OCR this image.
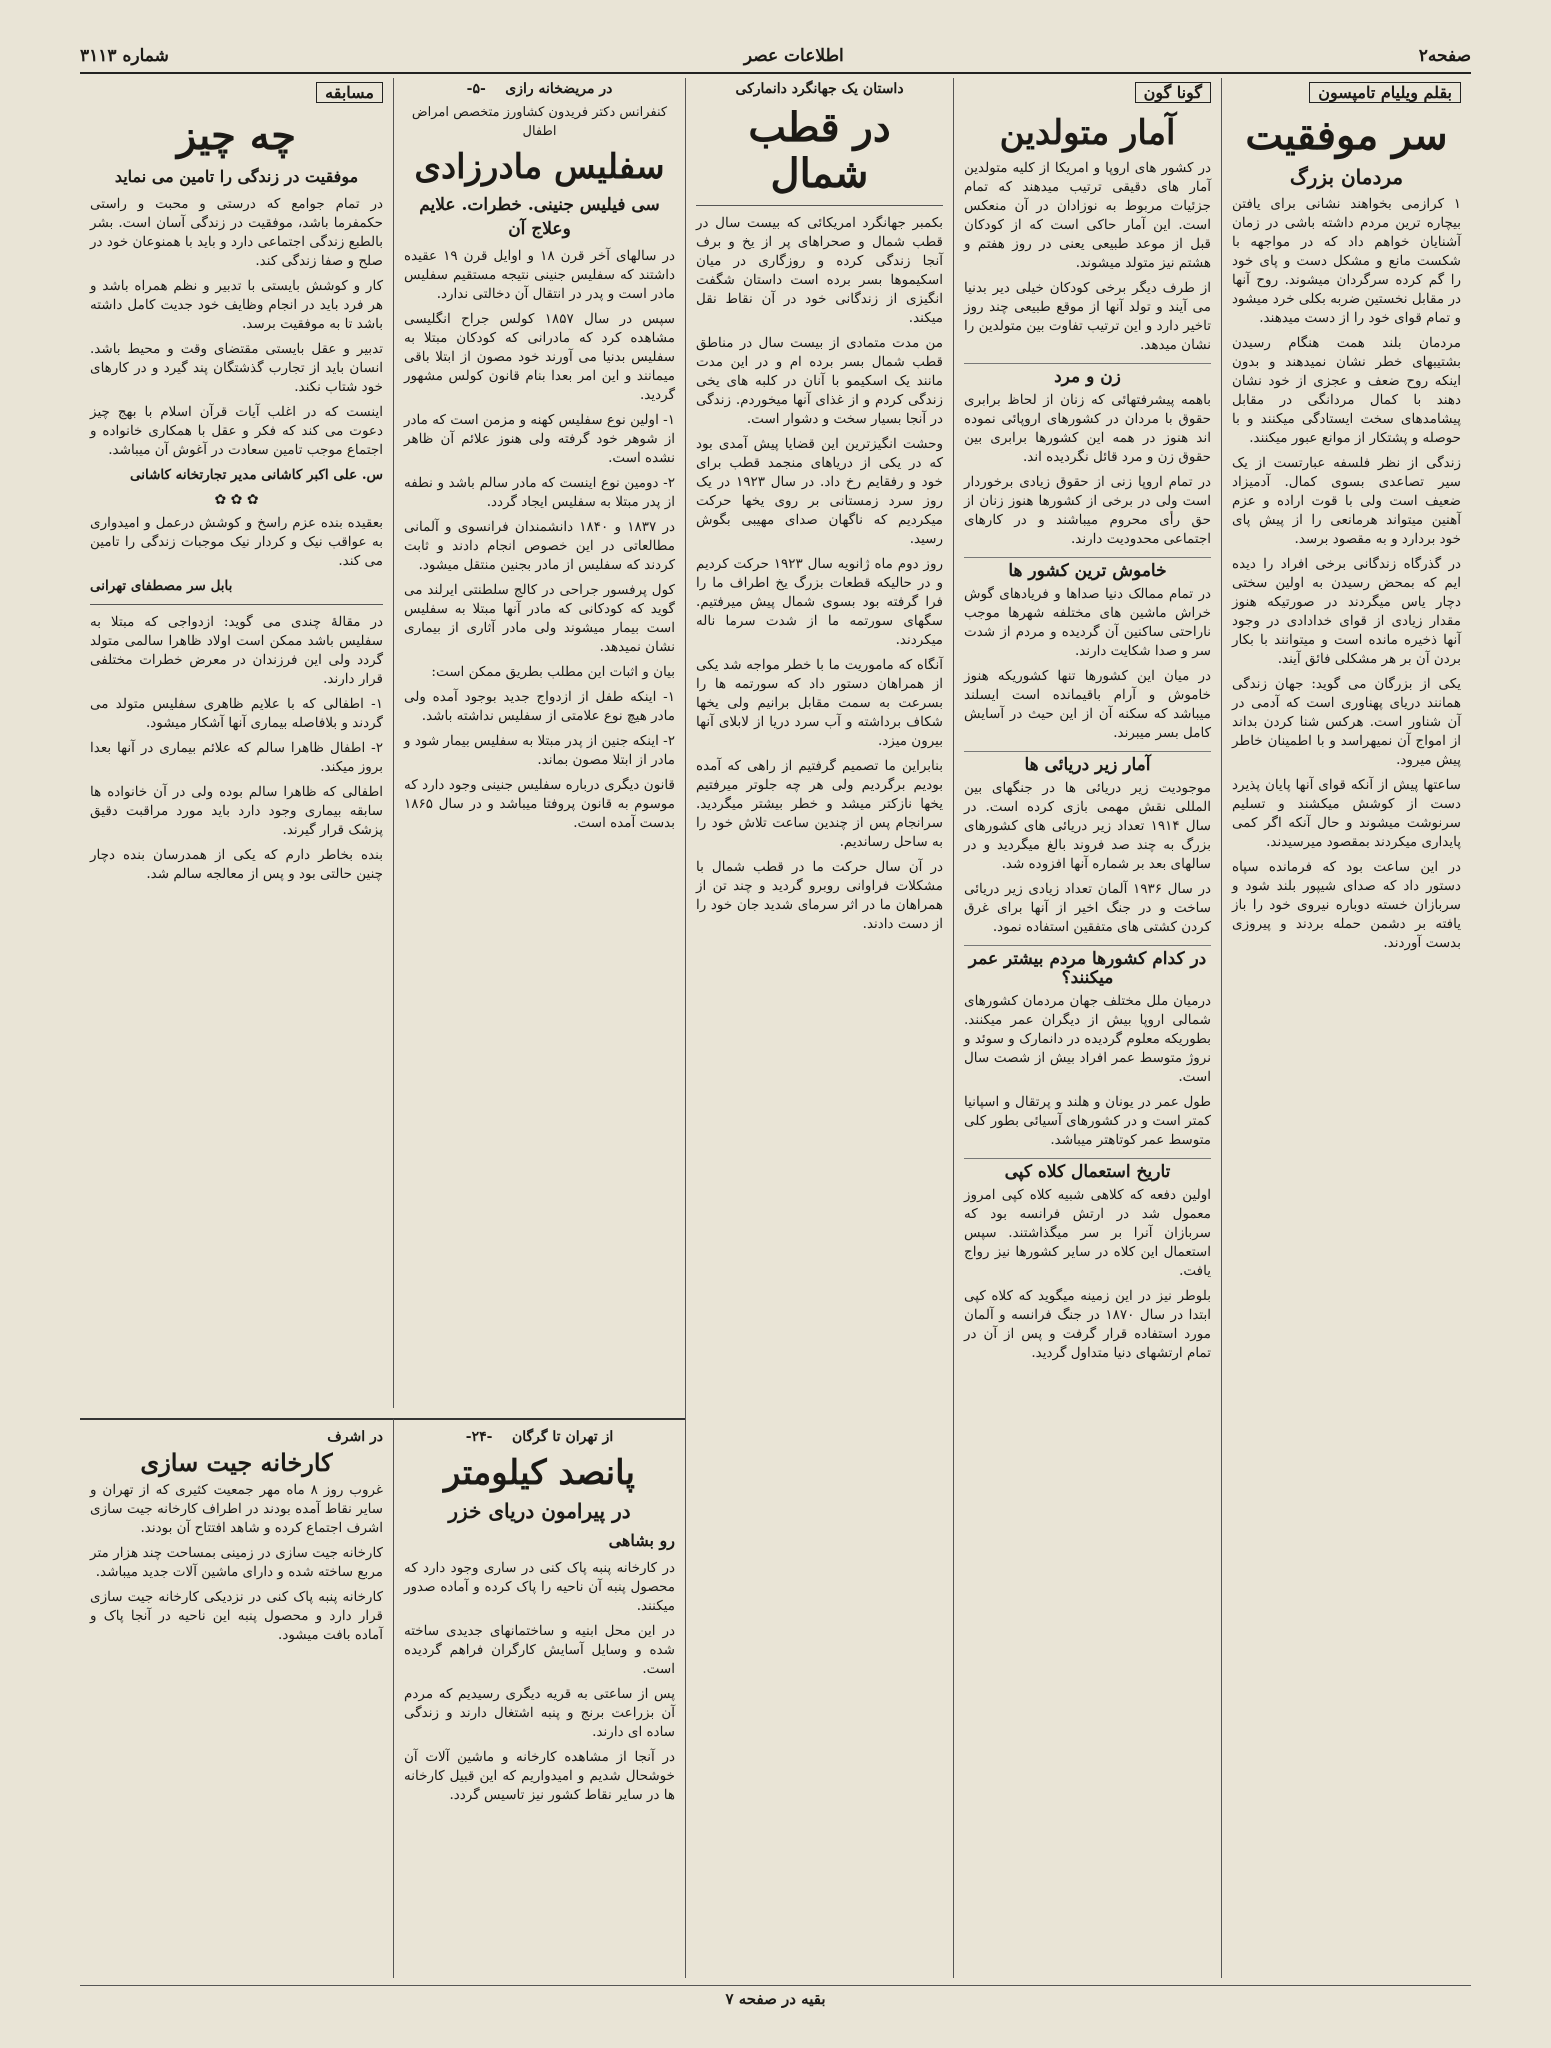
صفحه۲
اطلاعات عصر
شماره ۳۱۱۳
بقلم ویلیام تامپسون
سر موفقیت
مردمان بزرگ

۱ کرازمی بخواهند نشانی برای یافتن بیچاره ترین مردم داشته باشی در زمان آشنایان خواهم داد که در مواجهه با شکست مانع و مشکل دست و پای خود را گم کرده سرگردان میشوند. روح آنها در مقابل نخستین ضربه بکلی خرد میشود و تمام قوای خود را از دست میدهند.

مردمان بلند همت هنگام رسیدن بشتیبهای خطر نشان نمیدهند و بدون اینکه روح ضعف و عجزی از خود نشان دهند با کمال مردانگی در مقابل پیشامدهای سخت ایستادگی میکنند و با حوصله و پشتکار از موانع عبور میکنند.

زندگی از نظر فلسفه عبارتست از یک سیر تصاعدی بسوی کمال. آدمیزاد ضعیف است ولی با قوت اراده و عزم آهنین میتواند هرمانعی را از پیش پای خود بردارد و به مقصود برسد.

در گذرگاه زندگانی برخی افراد را دیده ایم که بمحض رسیدن به اولین سختی دچار یاس میگردند در صورتیکه هنوز مقدار زیادی از قوای خدادادی در وجود آنها ذخیره مانده است و میتوانند با بکار بردن آن بر هر مشکلی فائق آیند.

یکی از بزرگان می گوید: جهان زندگی همانند دریای پهناوری است که آدمی در آن شناور است. هرکس شنا کردن بداند از امواج آن نمیهراسد و با اطمینان خاطر پیش میرود.

ساعتها پیش از آنکه قوای آنها پایان پذیرد دست از کوشش میکشند و تسلیم سرنوشت میشوند و حال آنکه اگر کمی پایداری میکردند بمقصود میرسیدند.

در این ساعت بود که فرمانده سپاه دستور داد که صدای شیپور بلند شود و سربازان خسته دوباره نیروی خود را باز یافته بر دشمن حمله بردند و پیروزی بدست آوردند.

گونا گون
آمار متولدین

در کشور های اروپا و امریکا از کلیه متولدین آمار های دقیقی ترتیب میدهند که تمام جزئیات مربوط به نوزادان در آن منعکس است. این آمار حاکی است که از کودکان قبل از موعد طبیعی یعنی در روز هفتم و هشتم نیز متولد میشوند.

از طرف دیگر برخی کودکان خیلی دیر بدنیا می آیند و تولد آنها از موقع طبیعی چند روز تاخیر دارد و این ترتیب تفاوت بین متولدین را نشان میدهد.

زن و مرد

باهمه پیشرفتهائی که زنان از لحاظ برابری حقوق با مردان در کشورهای اروپائی نموده اند هنوز در همه این کشورها برابری بین حقوق زن و مرد قائل نگردیده اند.

در تمام اروپا زنی از حقوق زیادی برخوردار است ولی در برخی از کشورها هنوز زنان از حق رأی محروم میباشند و در کارهای اجتماعی محدودیت دارند.

خاموش ترین کشور ها

در تمام ممالک دنیا صداها و فریادهای گوش خراش ماشین های مختلفه شهرها موجب ناراحتی ساکنین آن گردیده و مردم از شدت سر و صدا شکایت دارند.

در میان این کشورها تنها کشوریکه هنوز خاموش و آرام باقیمانده است ایسلند میباشد که سکنه آن از این حیث در آسایش کامل بسر میبرند.

آمار زیر دریائی ها

موجودیت زیر دریائی ها در جنگهای بین المللی نقش مهمی بازی کرده است. در سال ۱۹۱۴ تعداد زیر دریائی های کشورهای بزرگ به چند صد فروند بالغ میگردید و در سالهای بعد بر شماره آنها افزوده شد.

در سال ۱۹۳۶ آلمان تعداد زیادی زیر دریائی ساخت و در جنگ اخیر از آنها برای غرق کردن کشتی های متفقین استفاده نمود.

در کدام کشورها مردم بیشتر عمر میکنند؟

درمیان ملل مختلف جهان مردمان کشورهای شمالی اروپا بیش از دیگران عمر میکنند. بطوریکه معلوم گردیده در دانمارک و سوئد و نروژ متوسط عمر افراد بیش از شصت سال است.

طول عمر در یونان و هلند و پرتقال و اسپانیا کمتر است و در کشورهای آسیائی بطور کلی متوسط عمر کوتاهتر میباشد.

تاریخ استعمال کلاه کپی

اولین دفعه که کلاهی شبیه کلاه کپی امروز معمول شد در ارتش فرانسه بود که سربازان آنرا بر سر میگذاشتند. سپس استعمال این کلاه در سایر کشورها نیز رواج یافت.

بلوطر نیز در این زمینه میگوید که کلاه کپی ابتدا در سال ۱۸۷۰ در جنگ فرانسه و آلمان مورد استفاده قرار گرفت و پس از آن در تمام ارتشهای دنیا متداول گردید.

داستان یک جهانگرد دانمارکی
در قطب شمال

بکمبر جهانگرد امریکائی که بیست سال در قطب شمال و صحراهای پر از یخ و برف آنجا زندگی کرده و روزگاری در میان اسکیموها بسر برده است داستان شگفت انگیزی از زندگانی خود در آن نقاط نقل میکند.

من مدت متمادی از بیست سال در مناطق قطب شمال بسر برده ام و در این مدت مانند یک اسکیمو با آنان در کلبه های یخی زندگی کردم و از غذای آنها میخوردم. زندگی در آنجا بسیار سخت و دشوار است.

وحشت انگیزترین این قضایا پیش آمدی بود که در یکی از دریاهای منجمد قطب برای خود و رفقایم رخ داد. در سال ۱۹۲۳ در یک روز سرد زمستانی بر روی یخها حرکت میکردیم که ناگهان صدای مهیبی بگوش رسید.

روز دوم ماه ژانویه سال ۱۹۲۳ حرکت کردیم و در حالیکه قطعات بزرگ یخ اطراف ما را فرا گرفته بود بسوی شمال پیش میرفتیم. سگهای سورتمه ما از شدت سرما ناله میکردند.

آنگاه که ماموریت ما با خطر مواجه شد یکی از همراهان دستور داد که سورتمه ها را بسرعت به سمت مقابل برانیم ولی یخها شکاف برداشته و آب سرد دریا از لابلای آنها بیرون میزد.

بنابراین ما تصمیم گرفتیم از راهی که آمده بودیم برگردیم ولی هر چه جلوتر میرفتیم یخها نازکتر میشد و خطر بیشتر میگردید. سرانجام پس از چندین ساعت تلاش خود را به ساحل رساندیم.

در آن سال حرکت ما در قطب شمال با مشکلات فراوانی روبرو گردید و چند تن از همراهان ما در اثر سرمای شدید جان خود را از دست دادند.

در مریضخانه رازی    -۵-
کنفرانس دکتر فریدون کشاورز متخصص امراض اطفال
سفلیس مادرزادی
سی فیلیس جنینی. خطرات. علایم وعلاج آن

در سالهای آخر قرن ۱۸ و اوایل قرن ۱۹ عقیده داشتند که سفلیس جنینی نتیجه مستقیم سفلیس مادر است و پدر در انتقال آن دخالتی ندارد.

سپس در سال ۱۸۵۷ کولس جراح انگلیسی مشاهده کرد که مادرانی که کودکان مبتلا به سفلیس بدنیا می آورند خود مصون از ابتلا باقی میمانند و این امر بعدا بنام قانون کولس مشهور گردید.

۱- اولین نوع سفلیس کهنه و مزمن است که مادر از شوهر خود گرفته ولی هنوز علائم آن ظاهر نشده است.

۲- دومین نوع اینست که مادر سالم باشد و نطفه از پدر مبتلا به سفلیس ایجاد گردد.

در ۱۸۳۷ و ۱۸۴۰ دانشمندان فرانسوی و آلمانی مطالعاتی در این خصوص انجام دادند و ثابت کردند که سفلیس از مادر بجنین منتقل میشود.

کول پرفسور جراحی در کالج سلطنتی ایرلند می گوید که کودکانی که مادر آنها مبتلا به سفلیس است بیمار میشوند ولی مادر آثاری از بیماری نشان نمیدهد.

بیان و اثبات این مطلب بطریق ممکن است:

۱- اینکه طفل از ازدواج جدید بوجود آمده ولی مادر هیچ نوع علامتی از سفلیس نداشته باشد.

۲- اینکه جنین از پدر مبتلا به سفلیس بیمار شود و مادر از ابتلا مصون بماند.

قانون دیگری درباره سفلیس جنینی وجود دارد که موسوم به قانون پروفتا میباشد و در سال ۱۸۶۵ بدست آمده است.

مسابقه
چه چیز
موفقیت در زندگی را تامین می نماید

در تمام جوامع که درستی و محبت و راستی حکمفرما باشد، موفقیت در زندگی آسان است. بشر بالطبع زندگی اجتماعی دارد و باید با همنوعان خود در صلح و صفا زندگی کند.

کار و کوشش بایستی با تدبیر و نظم همراه باشد و هر فرد باید در انجام وظایف خود جدیت کامل داشته باشد تا به موفقیت برسد.

تدبیر و عقل بایستی مقتضای وقت و محیط باشد. انسان باید از تجارب گذشتگان پند گیرد و در کارهای خود شتاب نکند.

اینست که در اغلب آیات قرآن اسلام با بهج چیز دعوت می کند که فکر و عقل با همکاری خانواده و اجتماع موجب تامین سعادت در آغوش آن میباشد.

س. علی اکبر کاشانی مدیر تجارتخانه کاشانی

✿ ✿ ✿

بعقیده بنده عزم راسخ و کوشش درعمل و امیدواری به عواقب نیک و کردار نیک موجبات زندگی را تامین می کند.

بابل سر مصطفای تهرانی

در مقالۀ چندی می گوید: ازدواجی که مبتلا به سفلیس باشد ممکن است اولاد ظاهرا سالمی متولد گردد ولی این فرزندان در معرض خطرات مختلفی قرار دارند.

۱- اطفالی که با علایم ظاهری سفلیس متولد می گردند و بلافاصله بیماری آنها آشکار میشود.

۲- اطفال ظاهرا سالم که علائم بیماری در آنها بعدا بروز میکند.

اطفالی که ظاهرا سالم بوده ولی در آن خانواده ها سابقه بیماری وجود دارد باید مورد مراقبت دقیق پزشک قرار گیرند.

بنده بخاطر دارم که یکی از همدرسان بنده دچار چنین حالتی بود و پس از معالجه سالم شد.

از تهران تا گرگان    -۲۴-
پانصد کیلومتر
در پیرامون دریای خزر
رو بشاهی

در کارخانه پنبه پاک کنی در ساری وجود دارد که محصول پنبه آن ناحیه را پاک کرده و آماده صدور میکنند.

در این محل ابنیه و ساختمانهای جدیدی ساخته شده و وسایل آسایش کارگران فراهم گردیده است.

پس از ساعتی به قریه دیگری رسیدیم که مردم آن بزراعت برنج و پنبه اشتغال دارند و زندگی ساده ای دارند.

در آنجا از مشاهده کارخانه و ماشین آلات آن خوشحال شدیم و امیدواریم که این قبیل کارخانه ها در سایر نقاط کشور نیز تاسیس گردد.

در اشرف
کارخانه جیت سازی

غروب روز ۸ ماه مهر جمعیت کثیری که از تهران و سایر نقاط آمده بودند در اطراف کارخانه جیت سازی اشرف اجتماع کرده و شاهد افتتاح آن بودند.

کارخانه جیت سازی در زمینی بمساحت چند هزار متر مربع ساخته شده و دارای ماشین آلات جدید میباشد.

کارخانه پنبه پاک کنی در نزدیکی کارخانه جیت سازی قرار دارد و محصول پنبه این ناحیه در آنجا پاک و آماده بافت میشود.

بقیه در صفحه ۷
